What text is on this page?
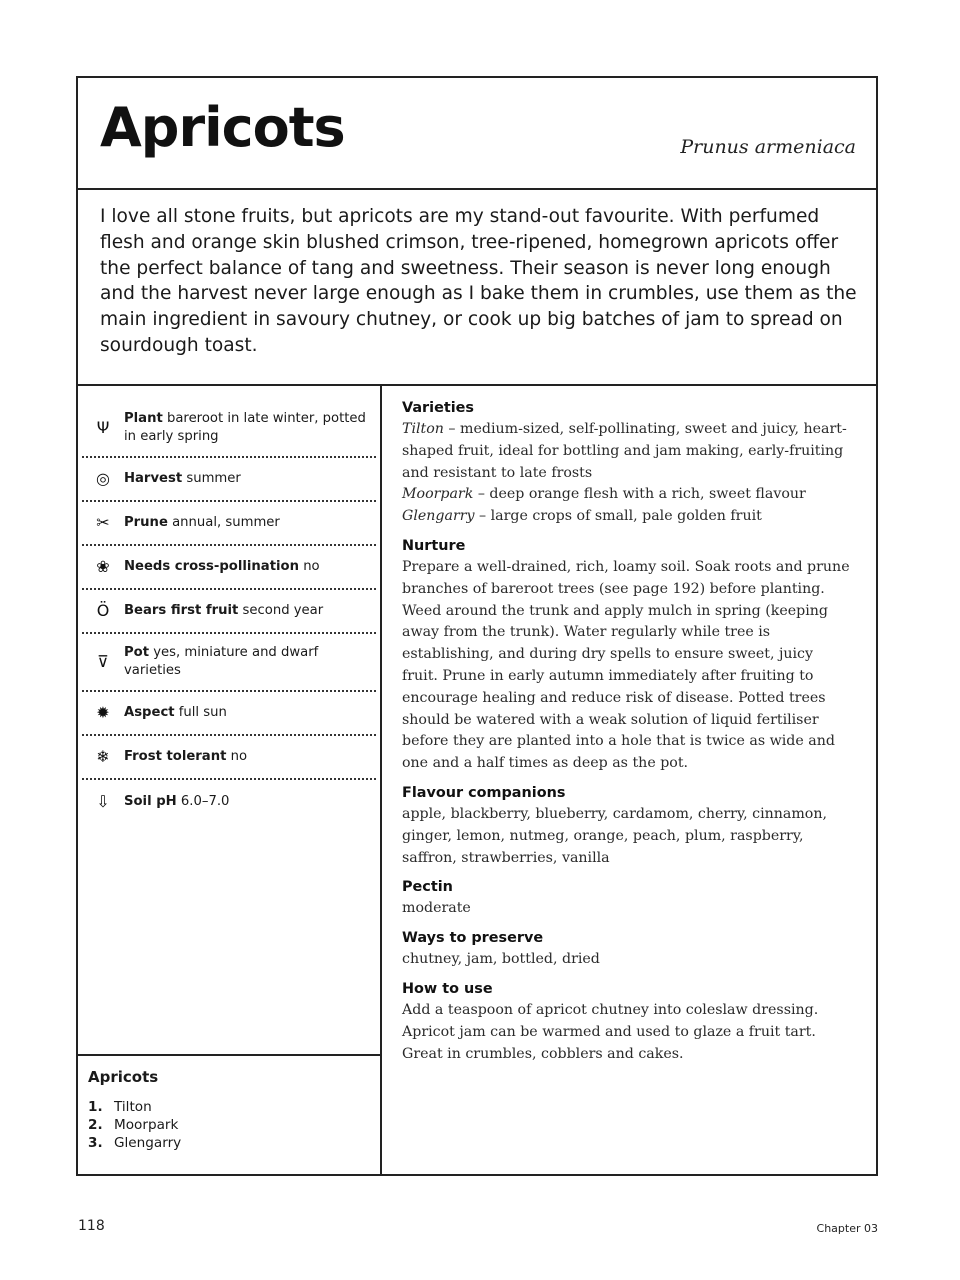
Apricots	Prunus armeniaca

I love all stone fruits, but apricots are my stand-out favourite. With perfumed flesh and orange skin blushed crimson, tree-ripened, homegrown apricots offer the perfect balance of tang and sweetness. Their season is never long enough and the harvest never large enough as I bake them in crumbles, use them as the main ingredient in savoury chutney, or cook up big batches of jam to spread on sourdough toast.

Ψ	Plant bareroot in late winter, potted in early spring
◎	Harvest summer
✂	Prune annual, summer
❀	Needs cross-pollination no
Ö	Bears first fruit second year
⊽	Pot yes, miniature and dwarf varieties
✹	Aspect full sun
❄	Frost tolerant no
⇩	Soil pH 6.0–7.0
Apricots
1. Tilton
2. Moorpark
3. Glengarry
Varieties
Tilton – medium-sized, self-pollinating, sweet and juicy, heart-shaped fruit, ideal for bottling and jam making, early-fruiting and resistant to late frosts
Moorpark – deep orange flesh with a rich, sweet flavour
Glengarry – large crops of small, pale golden fruit
Nurture
Prepare a well-drained, rich, loamy soil. Soak roots and prune branches of bareroot trees (see page 192) before planting. Weed around the trunk and apply mulch in spring (keeping away from the trunk). Water regularly while tree is establishing, and during dry spells to ensure sweet, juicy fruit. Prune in early autumn immediately after fruiting to encourage healing and reduce risk of disease. Potted trees should be watered with a weak solution of liquid fertiliser before they are planted into a hole that is twice as wide and one and a half times as deep as the pot.
Flavour companions
apple, blackberry, blueberry, cardamom, cherry, cinnamon, ginger, lemon, nutmeg, orange, peach, plum, raspberry, saffron, strawberries, vanilla
Pectin
moderate
Ways to preserve
chutney, jam, bottled, dried
How to use
Add a teaspoon of apricot chutney into coleslaw dressing. Apricot jam can be warmed and used to glaze a fruit tart. Great in crumbles, cobblers and cakes.
118	Chapter 03
